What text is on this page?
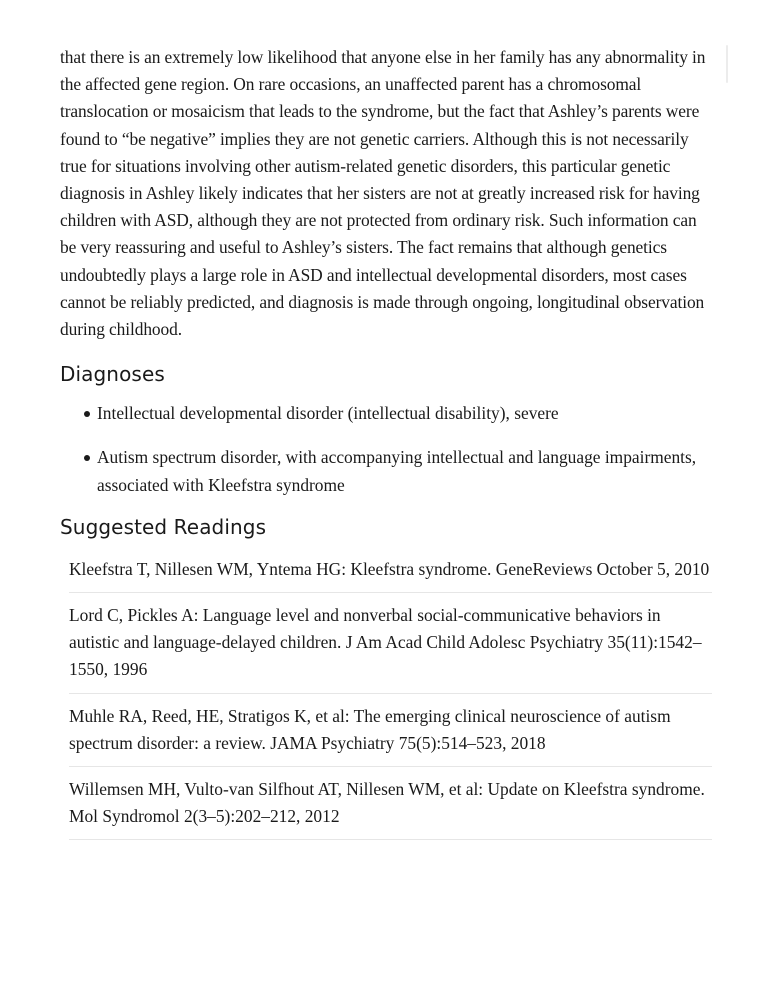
that there is an extremely low likelihood that anyone else in her family has any abnormality in the affected gene region. On rare occasions, an unaffected parent has a chromosomal translocation or mosaicism that leads to the syndrome, but the fact that Ashley’s parents were found to “be negative” implies they are not genetic carriers. Although this is not necessarily true for situations involving other autism-related genetic disorders, this particular genetic diagnosis in Ashley likely indicates that her sisters are not at greatly increased risk for having children with ASD, although they are not protected from ordinary risk. Such information can be very reassuring and useful to Ashley’s sisters. The fact remains that although genetics undoubtedly plays a large role in ASD and intellectual developmental disorders, most cases cannot be reliably predicted, and diagnosis is made through ongoing, longitudinal observation during childhood.

Diagnoses
Intellectual developmental disorder (intellectual disability), severe
Autism spectrum disorder, with accompanying intellectual and language impairments, associated with Kleefstra syndrome
Suggested Readings
Kleefstra T, Nillesen WM, Yntema HG: Kleefstra syndrome. GeneReviews October 5, 2010
Lord C, Pickles A: Language level and nonverbal social-communicative behaviors in autistic and language-delayed children. J Am Acad Child Adolesc Psychiatry 35(11):1542–1550, 1996
Muhle RA, Reed, HE, Stratigos K, et al: The emerging clinical neuroscience of autism spectrum disorder: a review. JAMA Psychiatry 75(5):514–523, 2018
Willemsen MH, Vulto-van Silfhout AT, Nillesen WM, et al: Update on Kleefstra syndrome. Mol Syndromol 2(3–5):202–212, 2012
